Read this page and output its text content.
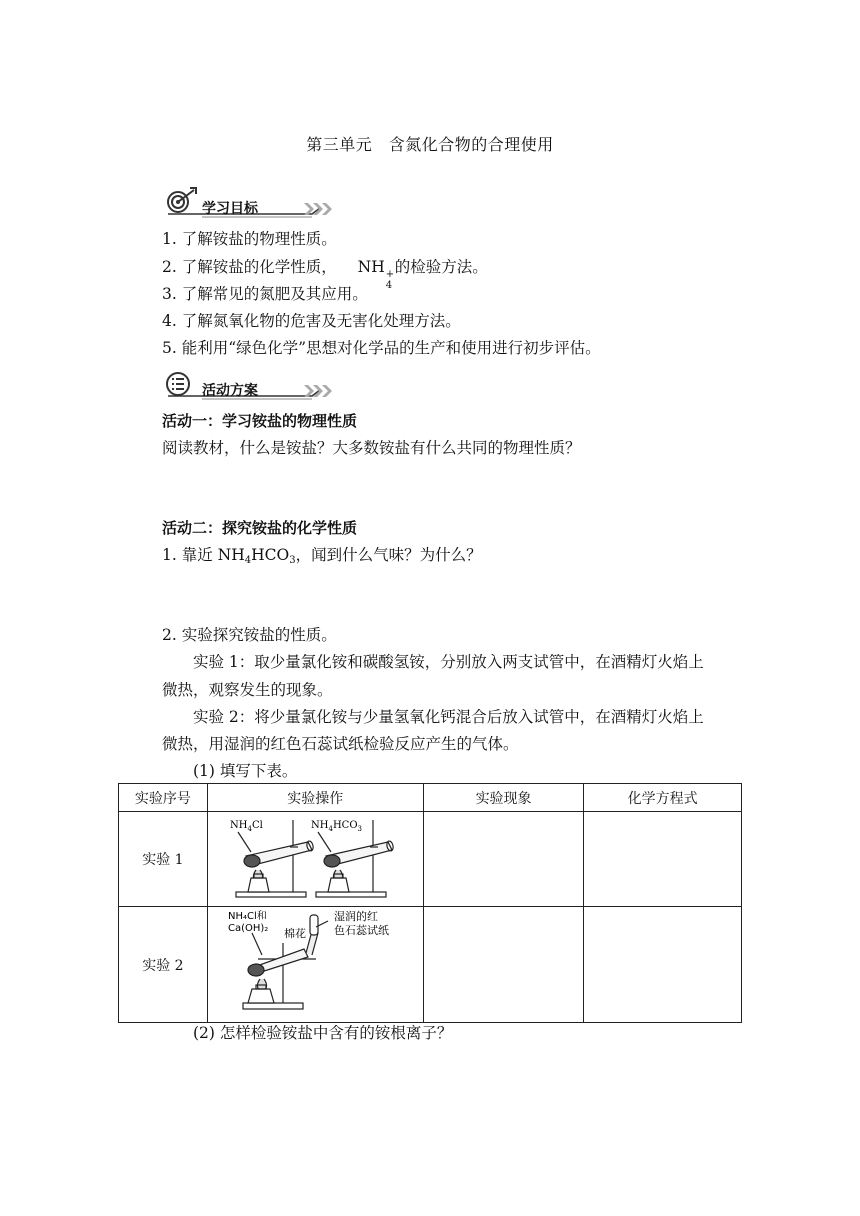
第三单元　含氮化合物的合理使用
学习目标
1. 了解铵盐的物理性质。
2. 了解铵盐的化学性质， NH +
4
的检验方法。
3. 了解常见的氮肥及其应用。
4. 了解氮氧化物的危害及无害化处理方法。
5. 能利用“绿色化学”思想对化学品的生产和使用进行初步评估。
活动方案
活动一：学习铵盐的物理性质
阅读教材，什么是铵盐？大多数铵盐有什么共同的物理性质？
活动二：探究铵盐的化学性质
1. 靠近 $NH_4HCO_3$，闻到什么气味？为什么？
2. 实验探究铵盐的性质。
实验 1：取少量氯化铵和碳酸氢铵，分别放入两支试管中，在酒精灯火焰上
微热，观察发生的现象。
实验 2：将少量氯化铵与少量氢氧化钙混合后放入试管中，在酒精灯火焰上
微热，用湿润的红色石蕊试纸检验反应产生的气体。
(1) 填写下表。
实验序号	实验操作	实验现象	化学方程式
实验 1	$NH_4Cl$ $NH_4HCO_3$

实验 2	NH₄Cl和
Ca(OH)₂ 棉花
湿润的红
色石蕊试纸		

(2) 怎样检验铵盐中含有的铵根离子？
